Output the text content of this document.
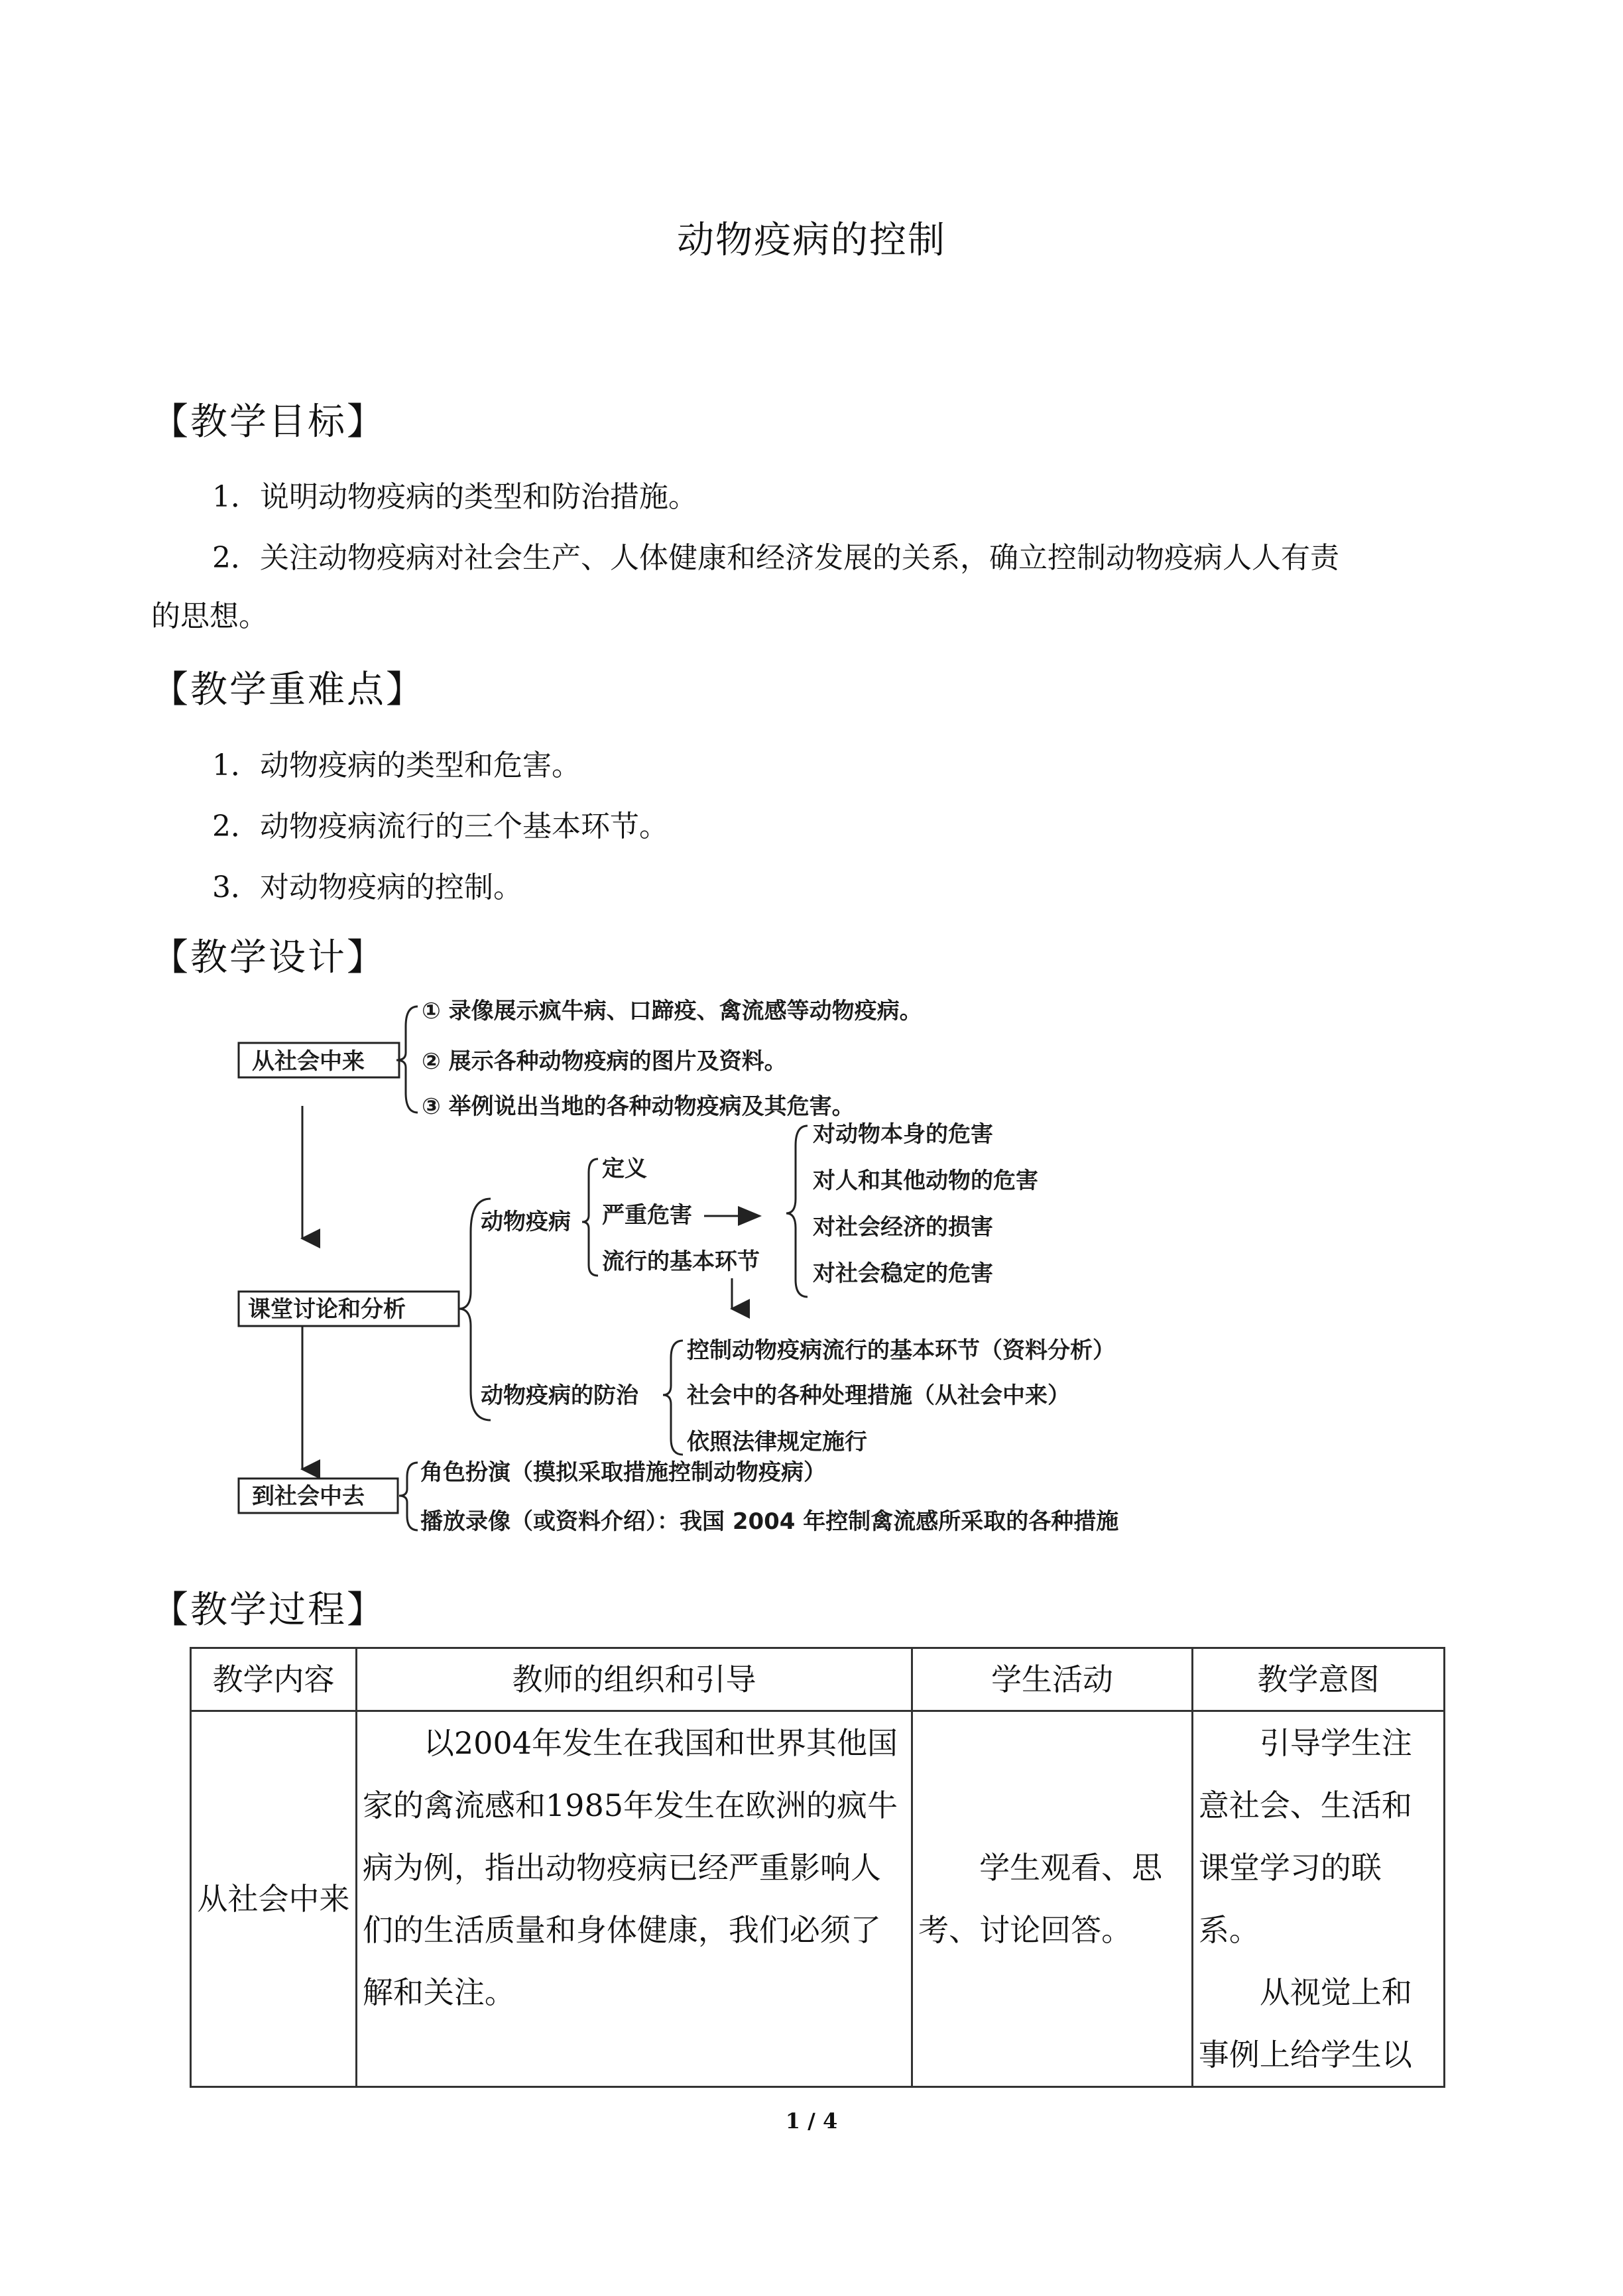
动物疫病的控制
【教学目标】
1．说明动物疫病的类型和防治措施。
2．关注动物疫病对社会生产、人体健康和经济发展的关系，确立控制动物疫病人人有责
的思想。
【教学重难点】
1．动物疫病的类型和危害。
2．动物疫病流行的三个基本环节。
3．对动物疫病的控制。
【教学设计】
从社会中来
① 录像展示疯牛病、口蹄疫、禽流感等动物疫病。
② 展示各种动物疫病的图片及资料。
③ 举例说出当地的各种动物疫病及其危害。
课堂讨论和分析
动物疫病
定义
严重危害
流行的基本环节
对动物本身的危害
对人和其他动物的危害
对社会经济的损害
对社会稳定的危害
动物疫病的防治
控制动物疫病流行的基本环节（资料分析）
社会中的各种处理措施（从社会中来）
依照法律规定施行
到社会中去
角色扮演（摸拟采取措施控制动物疫病）
播放录像（或资料介绍）：我国 2004 年控制禽流感所采取的各种措施
【教学过程】
教学内容	教师的组织和引导	学生活动	教学意图
从社会中来	以2004年发生在我国和世界其他国家的禽流感和1985年发生在欧洲的疯牛病为例，指出动物疫病已经严重影响人们的生活质量和身体健康，我们必须了解和关注。	学生观看、思考、讨论回答。	引导学生注意社会、生活和课堂学习的联系。
从视觉上和事例上给学生以
1 / 4
